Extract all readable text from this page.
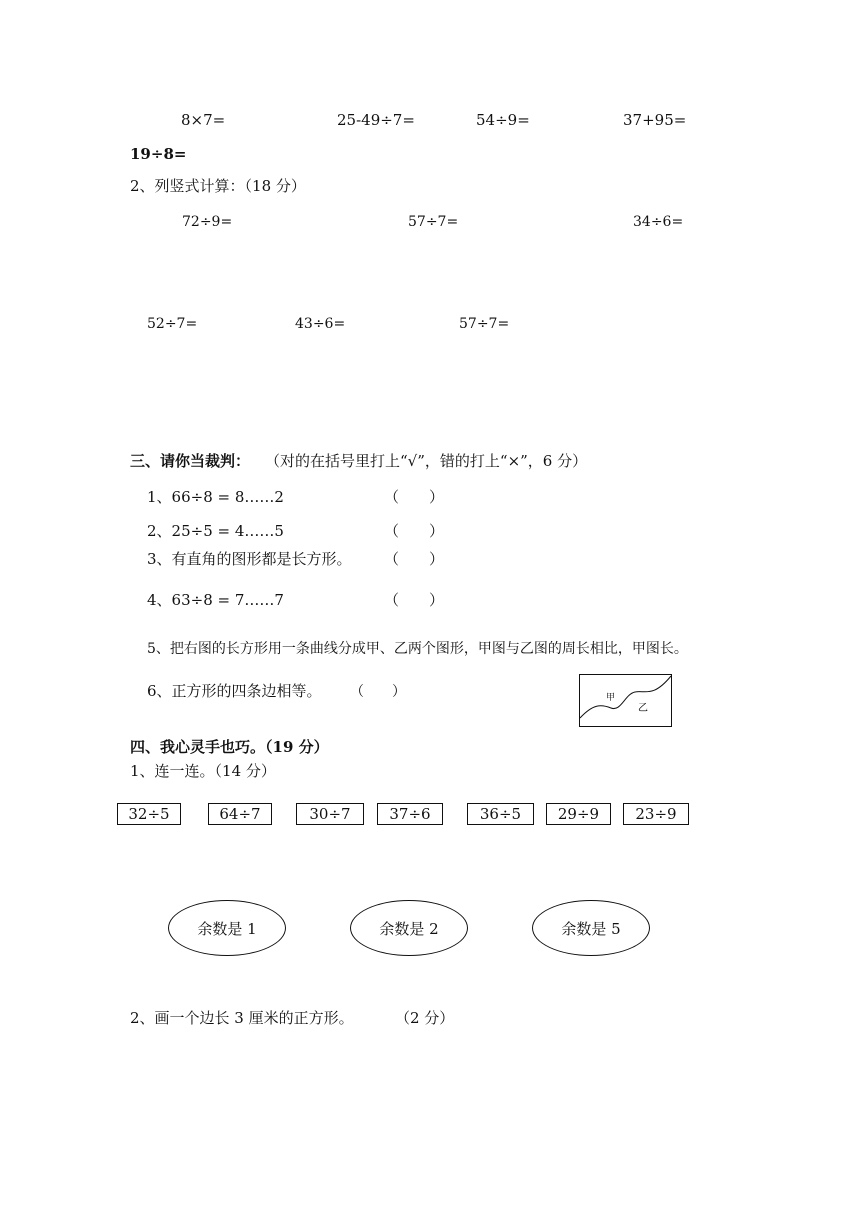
8×7=	25-49÷7=	54÷9=	37+95=
19÷8=
2、列竖式计算：（18 分）
72÷9=	57÷7=	34÷6=
52÷7=	43÷6=	57÷7=
三、请你当裁判： （对的在括号里打上“√”，错的打上“×”，6 分）
1、66÷8 = 8……2	（　　）
2、25÷5 = 4……5	（　　）
3、有直角的图形都是长方形。 （　　）
4、63÷8 = 7……7	（　　）
5、把右图的长方形用一条曲线分成甲、乙两个图形，甲图与乙图的周长相比，甲图长。
6、正方形的四条边相等。 （　　）	甲
乙
四、我心灵手也巧。（19 分）
1、连一连。（14 分）
32÷5	64÷7	30÷7	37÷6	36÷5	29÷9	23÷9
余数是 1	余数是 2	余数是 5
2、画一个边长 3 厘米的正方形。	（2 分）
